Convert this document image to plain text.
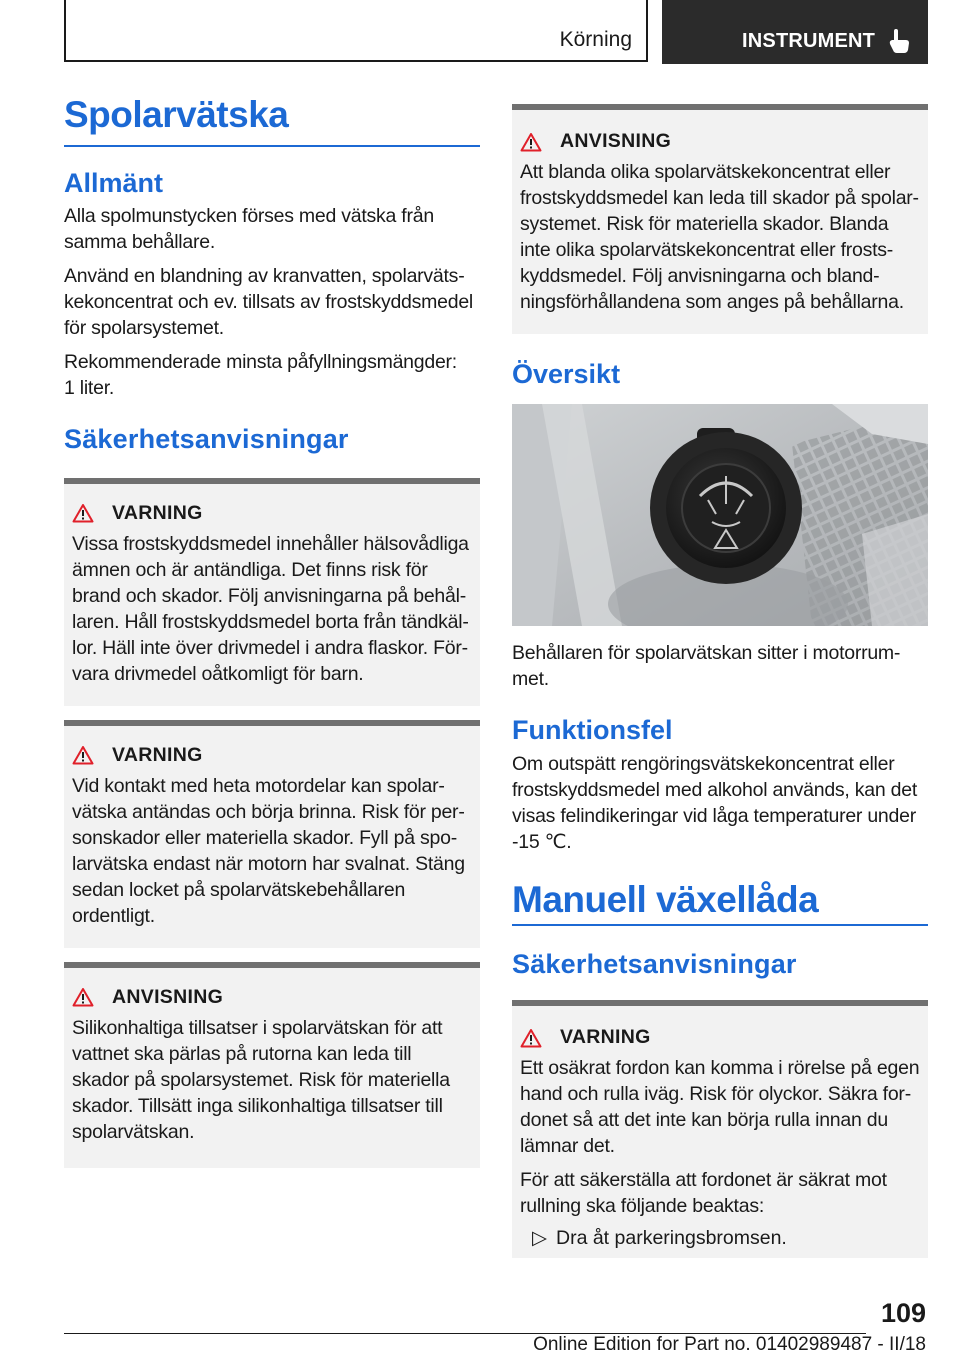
Körning	INSTRUMENT
Spolarvätska
Allmänt

Alla spolmunstycken förses med vätska från samma behållare.

Använd en blandning av kranvatten, spolarvätskekoncentrat och ev. tillsats av frostskyddsmedel för spolarsystemet.

Rekommenderade minsta påfyllningsmängder: 1 liter.

Säkerhetsanvisningar
VARNING

Vissa frostskyddsmedel innehåller hälsovådliga ämnen och är antändliga. Det finns risk för brand och skador. Följ anvisningarna på behållaren. Håll frostskyddsmedel borta från tändkällor. Häll inte över drivmedel i andra flaskor. Förvara drivmedel oåtkomligt för barn.

VARNING

Vid kontakt med heta motordelar kan spolarvätska antändas och börja brinna. Risk för personskador eller materiella skador. Fyll på spolarvätska endast när motorn har svalnat. Stäng sedan locket på spolarvätskebehållaren ordentligt.

ANVISNING

Silikonhaltiga tillsatser i spolarvätskan för att vattnet ska pärlas på rutorna kan leda till skador på spolarsystemet. Risk för materiella skador. Tillsätt inga silikonhaltiga tillsatser till spolarvätskan.

ANVISNING

Att blanda olika spolarvätskekoncentrat eller frostskyddsmedel kan leda till skador på spolarsystemet. Risk för materiella skador. Blanda inte olika spolarvätskekoncentrat eller frostskyddsmedel. Följ anvisningarna och blandningsförhållandena som anges på behållarna.

Översikt

Behållaren för spolarvätskan sitter i motorrummet.

Funktionsfel

Om outspätt rengöringsvätskekoncentrat eller frostskyddsmedel med alkohol används, kan det visas felindikeringar vid låga temperaturer under ‑15 ℃.

Manuell växellåda
Säkerhetsanvisningar
VARNING

Ett osäkrat fordon kan komma i rörelse på egen hand och rulla iväg. Risk för olyckor. Säkra fordonet så att det inte kan börja rulla innan du lämnar det.

För att säkerställa att fordonet är säkrat mot rullning ska följande beaktas:

▷ Dra åt parkeringsbromsen.
109
Online Edition for Part no. 01402989487 - II/18
